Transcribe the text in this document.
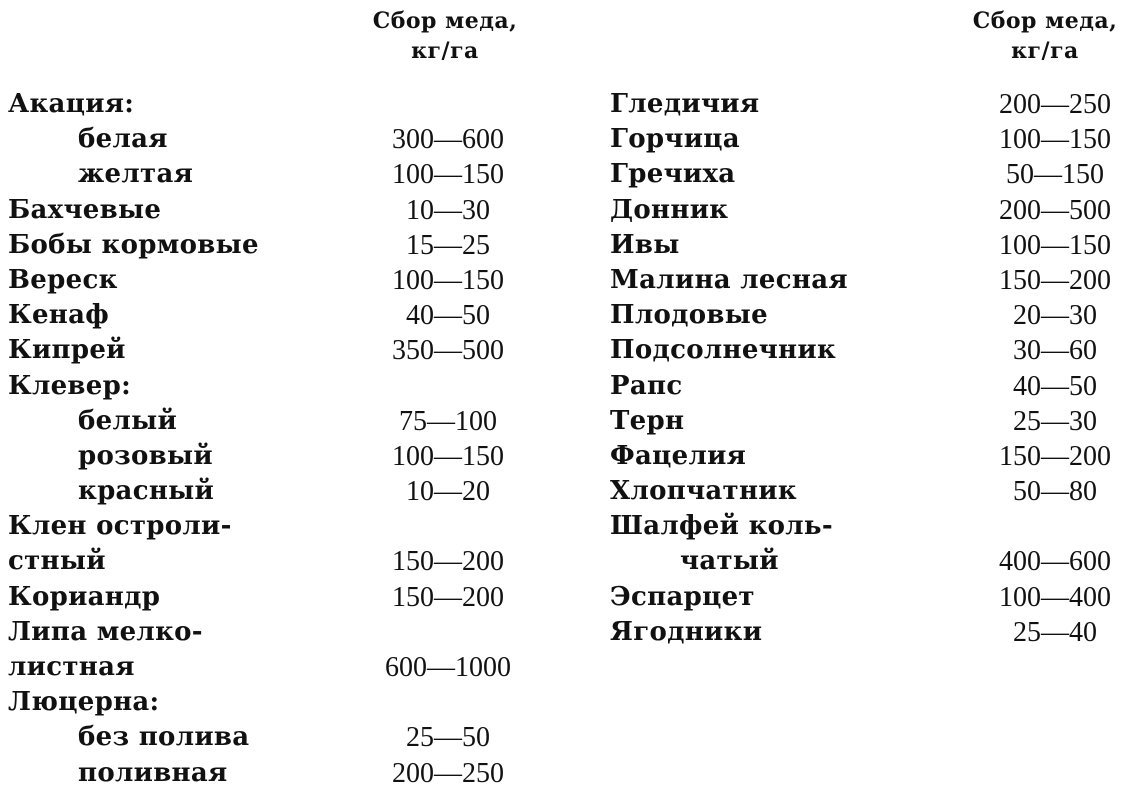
Сбор меда,
кг/га
Сбор меда,
кг/га
Акация:
белая	300—600
желтая	100—150
Бахчевые	10—30
Бобы кормовые	15—25
Вереск	100—150
Кенаф	40—50
Кипрей	350—500
Клевер:
белый	75—100
розовый	100—150
красный	10—20
Клен остроли-
стный	150—200
Кориандр	150—200
Липа мелко-
листная	600—1000
Люцерна:
без полива	25—50
поливная	200—250
Гледичия	200—250
Горчица	100—150
Гречиха	50—150
Донник	200—500
Ивы	100—150
Малина лесная	150—200
Плодовые	20—30
Подсолнечник	30—60
Рапс	40—50
Терн	25—30
Фацелия	150—200
Хлопчатник	50—80
Шалфей коль-
чатый	400—600
Эспарцет	100—400
Ягодники	25—40
